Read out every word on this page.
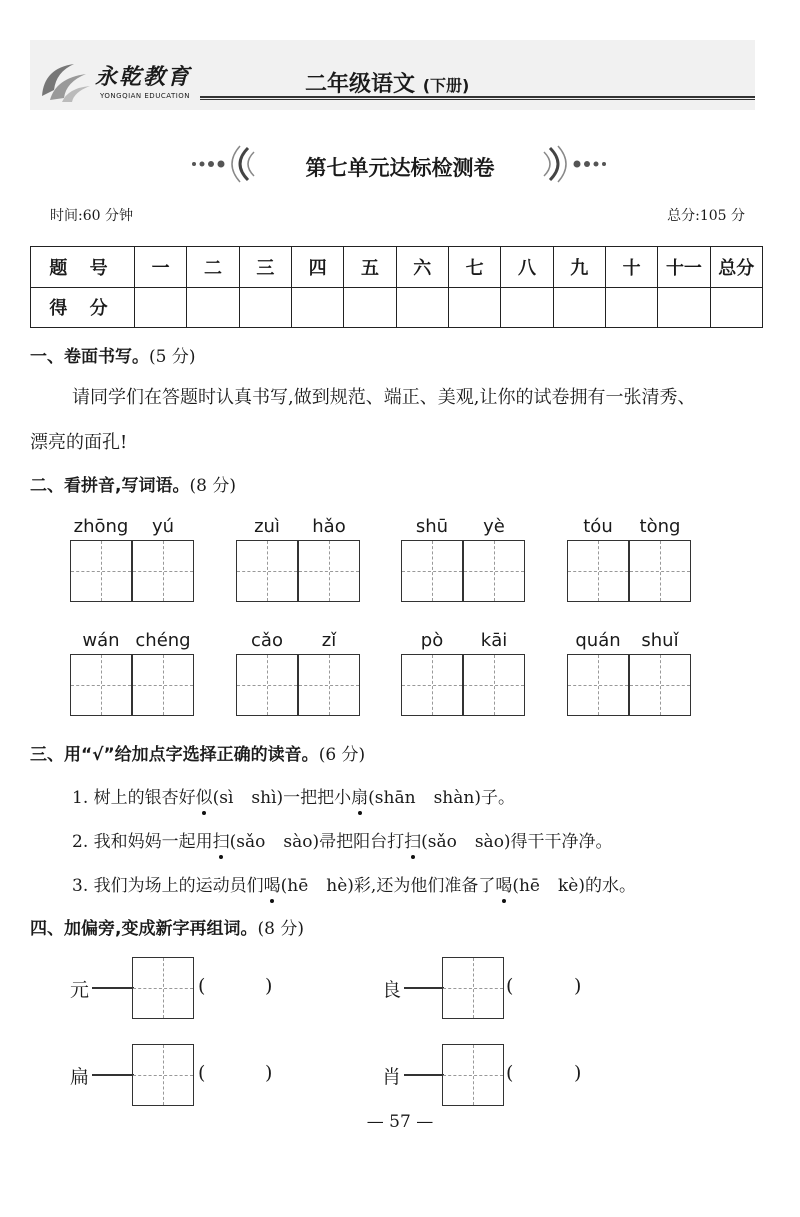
永乾教育
YONGQIAN EDUCATION	二年级语文 (下册)
第七单元达标检测卷
时间:60 分钟	总分:105 分
题 号	一	二	三	四	五	六	七	八	九	十	十一	总分
得 分												
一、卷面书写。(5 分)
请同学们在答题时认真书写,做到规范、端正、美观,让你的试卷拥有一张清秀、
漂亮的面孔!
二、看拼音,写词语。(8 分)
zhōng	yú	zuì	hǎo	shū	yè	tóu	tòng
wán chéng	cǎo	zǐ	pò	kāi	quán	shuǐ
三、用“√”给加点字选择正确的读音。(6 分)
1. 树上的银杏好似(sì shì)一把把小扇(shān shàn)子。
2. 我和妈妈一起用扫(sǎo sào)帚把阳台打扫(sǎo sào)得干干净净。
3. 我们为场上的运动员们喝(hē hè)彩,还为他们准备了喝(hē kè)的水。
四、加偏旁,变成新字再组词。(8 分)
元	(	)	良	(	)
扁	(	)	肖	(	)
— 57 —
